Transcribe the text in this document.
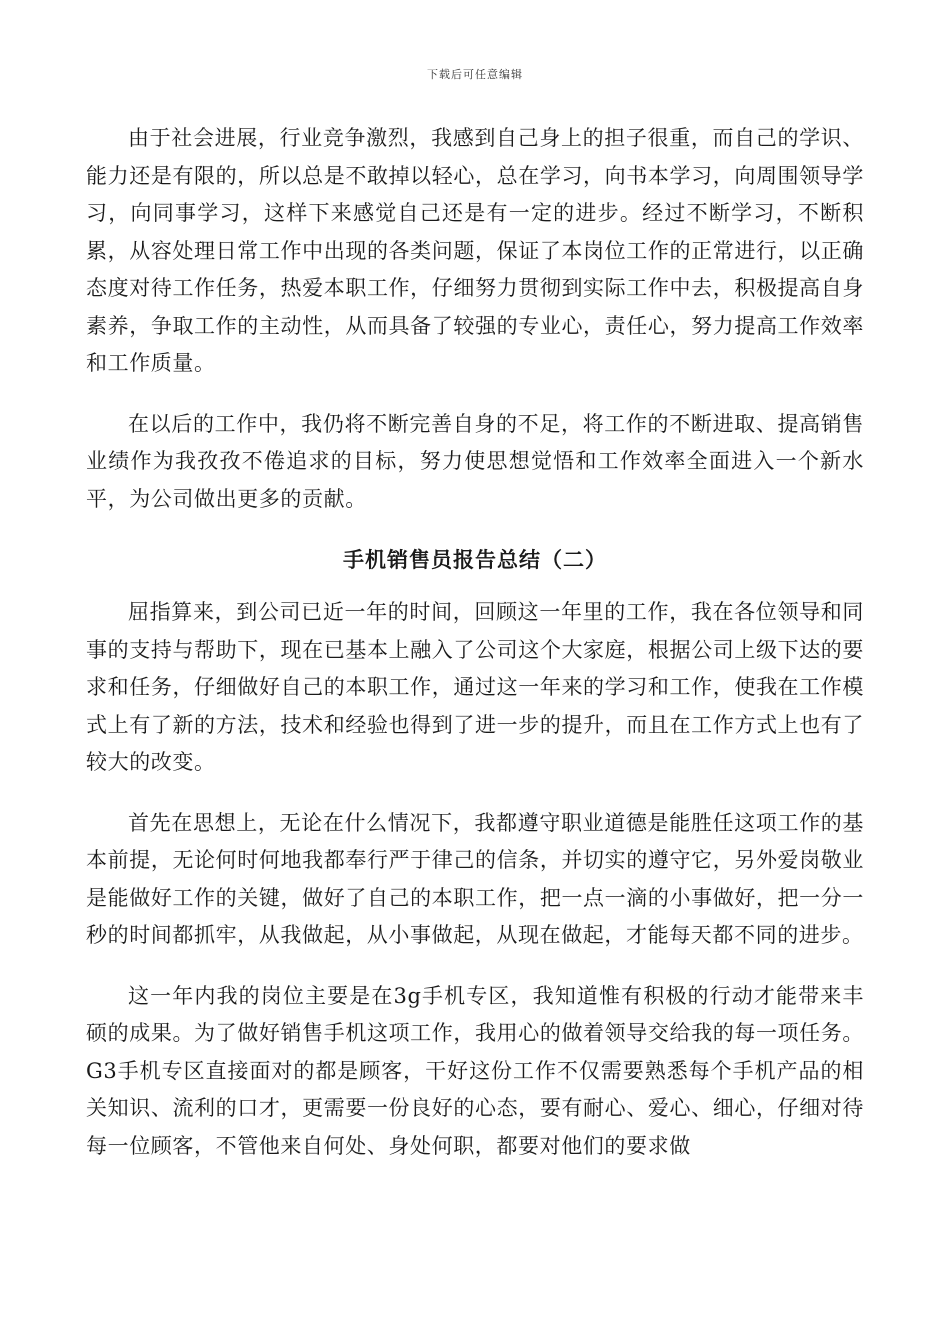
下载后可任意编辑

由于社会进展，行业竞争激烈，我感到自己身上的担子很重，而自己的学识、能力还是有限的，所以总是不敢掉以轻心，总在学习，向书本学习，向周围领导学习，向同事学习，这样下来感觉自己还是有一定的进步。经过不断学习，不断积累，从容处理日常工作中出现的各类问题，保证了本岗位工作的正常进行，以正确态度对待工作任务，热爱本职工作，仔细努力贯彻到实际工作中去，积极提高自身素养，争取工作的主动性，从而具备了较强的专业心，责任心，努力提高工作效率和工作质量。

在以后的工作中，我仍将不断完善自身的不足，将工作的不断进取、提高销售业绩作为我孜孜不倦追求的目标，努力使思想觉悟和工作效率全面进入一个新水平，为公司做出更多的贡献。

手机销售员报告总结（二）

屈指算来，到公司已近一年的时间，回顾这一年里的工作，我在各位领导和同事的支持与帮助下，现在已基本上融入了公司这个大家庭，根据公司上级下达的要求和任务，仔细做好自己的本职工作，通过这一年来的学习和工作，使我在工作模式上有了新的方法，技术和经验也得到了进一步的提升，而且在工作方式上也有了较大的改变。

首先在思想上，无论在什么情况下，我都遵守职业道德是能胜任这项工作的基本前提，无论何时何地我都奉行严于律己的信条，并切实的遵守它，另外爱岗敬业是能做好工作的关键，做好了自己的本职工作，把一点一滴的小事做好，把一分一秒的时间都抓牢，从我做起，从小事做起，从现在做起，才能每天都不同的进步。

这一年内我的岗位主要是在3g手机专区，我知道惟有积极的行动才能带来丰硕的成果。为了做好销售手机这项工作，我用心的做着领导交给我的每一项任务。G3手机专区直接面对的都是顾客，干好这份工作不仅需要熟悉每个手机产品的相关知识、流利的口才，更需要一份良好的心态，要有耐心、爱心、细心，仔细对待每一位顾客，不管他来自何处、身处何职，都要对他们的要求做
